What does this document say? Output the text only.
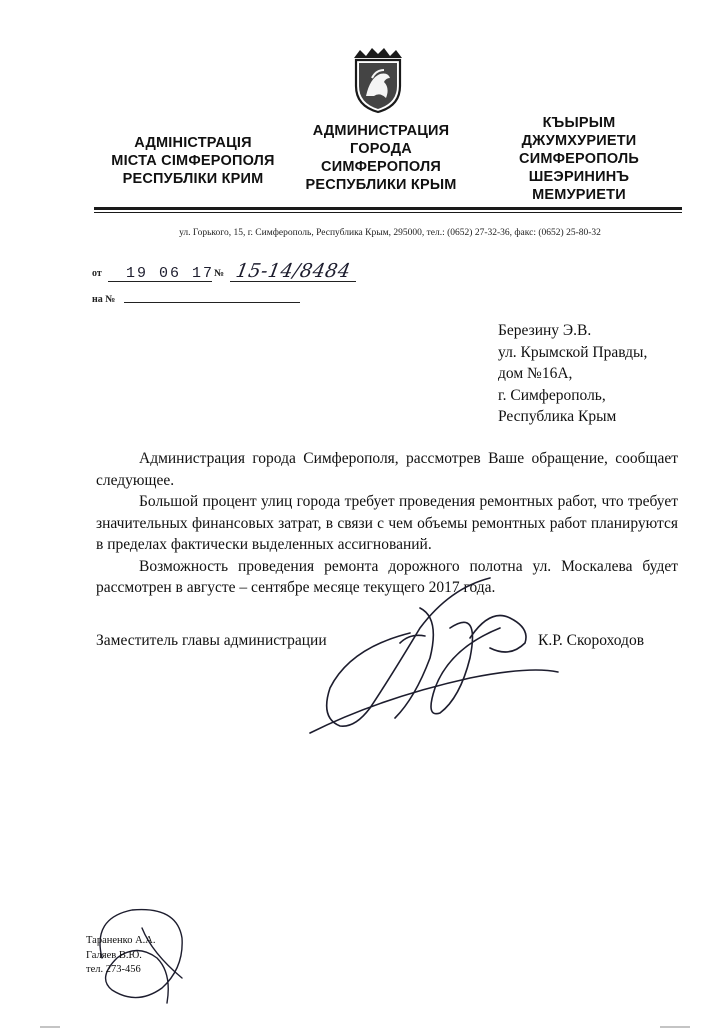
АДМІНІСТРАЦІЯ
МІСТА СІМФЕРОПОЛЯ
РЕСПУБЛІКИ КРИМ
АДМИНИСТРАЦИЯ
ГОРОДА
СИМФЕРОПОЛЯ
РЕСПУБЛИКИ КРЫМ
КЪЫРЫМ
ДЖУМХУРИЕТИ
СИМФЕРОПОЛЬ
ШЕЭРИНИНЪ
МЕМУРИЕТИ
ул. Горького, 15, г. Симферополь, Республика Крым, 295000, тел.: (0652) 27-32-36, факс: (0652) 25-80-32
от 19 06 17 № 15-14/8484
на №
Березину Э.В.
ул. Крымской Правды,
дом №16А,
г. Симферополь,
Республика Крым

Администрация города Симферополя, рассмотрев Ваше обращение, сообщает следующее.

Большой процент улиц города требует проведения ремонтных работ, что требует значительных финансовых затрат, в связи с чем объемы ремонтных работ планируются в пределах фактически выделенных ассигнований.

Возможность проведения ремонта дорожного полотна ул. Москалева будет рассмотрен в августе – сентябре месяце текущего 2017 года.

Заместитель главы администрации	К.Р. Скороходов
Тараненко А.А.
Галяев В.Ю.
тел. 273-456
